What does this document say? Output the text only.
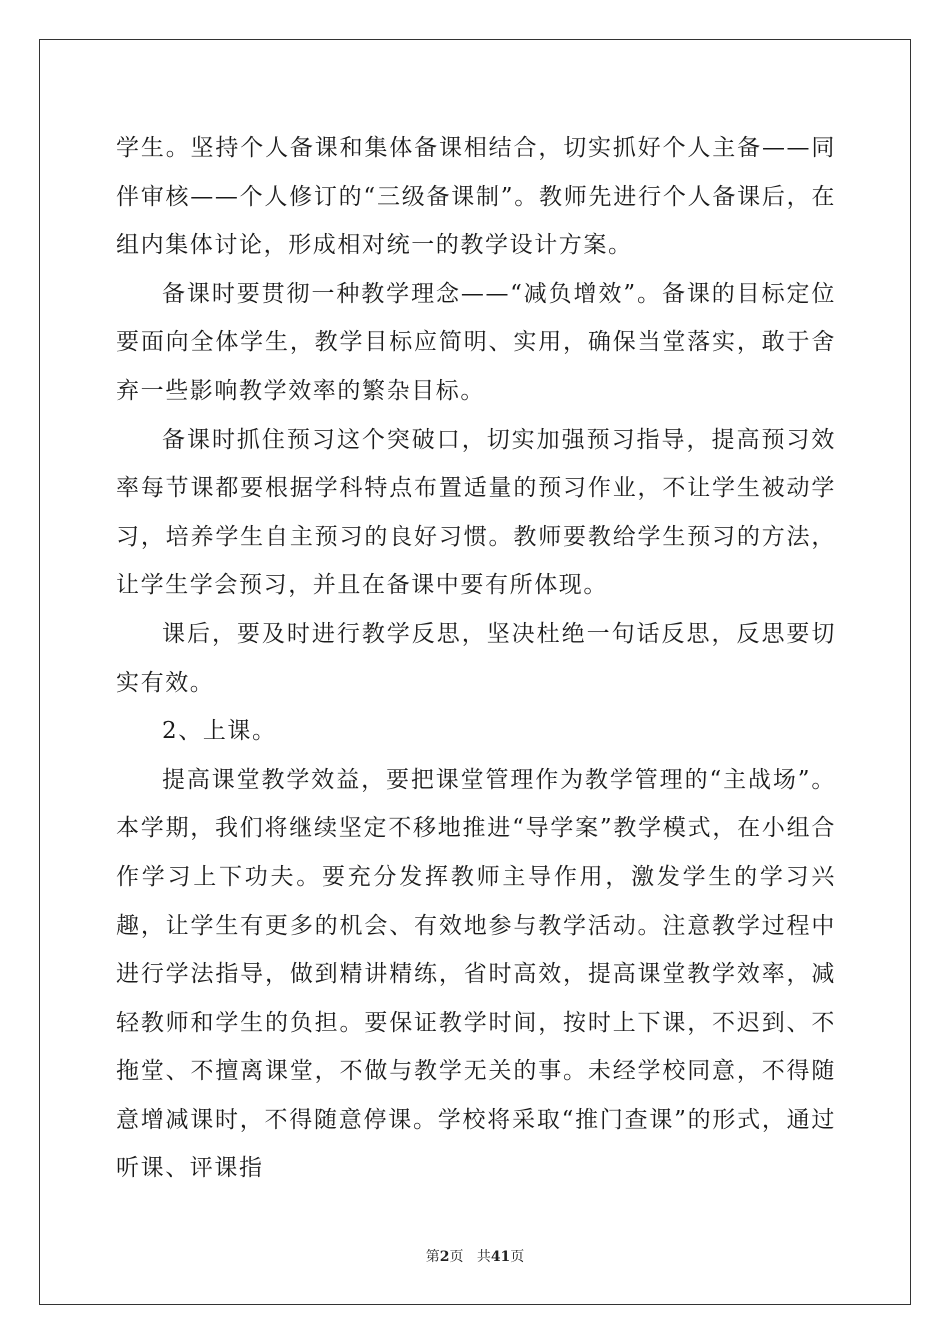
学生。坚持个人备课和集体备课相结合，切实抓好个人主备——同伴审核——个人修订的“三级备课制”。教师先进行个人备课后，在组内集体讨论，形成相对统一的教学设计方案。

备课时要贯彻一种教学理念——“减负增效”。备课的目标定位要面向全体学生，教学目标应简明、实用，确保当堂落实，敢于舍弃一些影响教学效率的繁杂目标。

备课时抓住预习这个突破口，切实加强预习指导，提高预习效率每节课都要根据学科特点布置适量的预习作业，不让学生被动学习，培养学生自主预习的良好习惯。教师要教给学生预习的方法，让学生学会预习，并且在备课中要有所体现。

课后，要及时进行教学反思，坚决杜绝一句话反思，反思要切实有效。

2、上课。

提高课堂教学效益，要把课堂管理作为教学管理的“主战场”。本学期，我们将继续坚定不移地推进“导学案”教学模式，在小组合作学习上下功夫。要充分发挥教师主导作用，激发学生的学习兴趣，让学生有更多的机会、有效地参与教学活动。注意教学过程中进行学法指导，做到精讲精练，省时高效，提高课堂教学效率，减轻教师和学生的负担。要保证教学时间，按时上下课，不迟到、不拖堂、不擅离课堂，不做与教学无关的事。未经学校同意，不得随意增减课时，不得随意停课。学校将采取“推门查课”的形式，通过听课、评课指

第2页 共41页
